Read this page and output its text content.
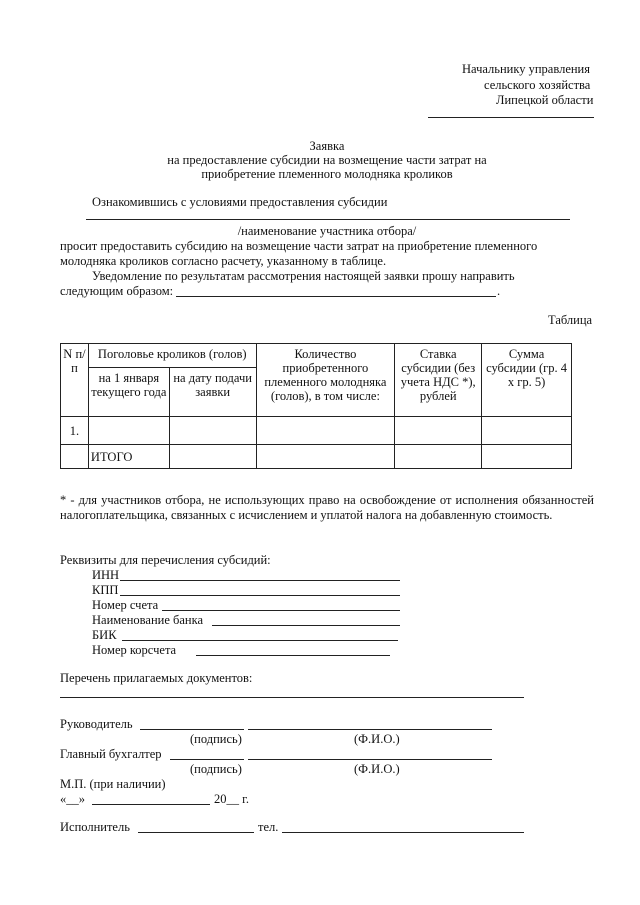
Начальнику управления
сельского хозяйства
Липецкой области
Заявка
на предоставление субсидии на возмещение части затрат на
приобретение племенного молодняка кроликов
Ознакомившись с условиями предоставления субсидии
/наименование участника отбора/
просит предоставить субсидию на возмещение части затрат на приобретение племенного
молодняка кроликов согласно расчету, указанному в таблице.
Уведомление по результатам рассмотрения настоящей заявки прошу направить
следующим образом:	.
Таблица
N п/п	Поголовье кроликов (голов)		Количество приобретенного племенного молодняка (голов), в том числе:	Ставка субсидии (без учета НДС *), рублей	Сумма субсидии (гр. 4 x гр. 5)
	на 1 января текущего года	на дату подачи заявки			
1.					
	ИТОГО				
* - для участников отбора, не использующих право на освобождение от исполнения обязанностей налогоплательщика, связанных с исчислением и уплатой налога на добавленную стоимость.
Реквизиты для перечисления субсидий:
ИНН
КПП
Номер счета
Наименование банка
БИК
Номер корсчета
Перечень прилагаемых документов:
Руководитель
(подпись)	(Ф.И.О.)
Главный бухгалтер
(подпись)	(Ф.И.О.)
М.П. (при наличии)
«__»	20__ г.
Исполнитель	тел.
